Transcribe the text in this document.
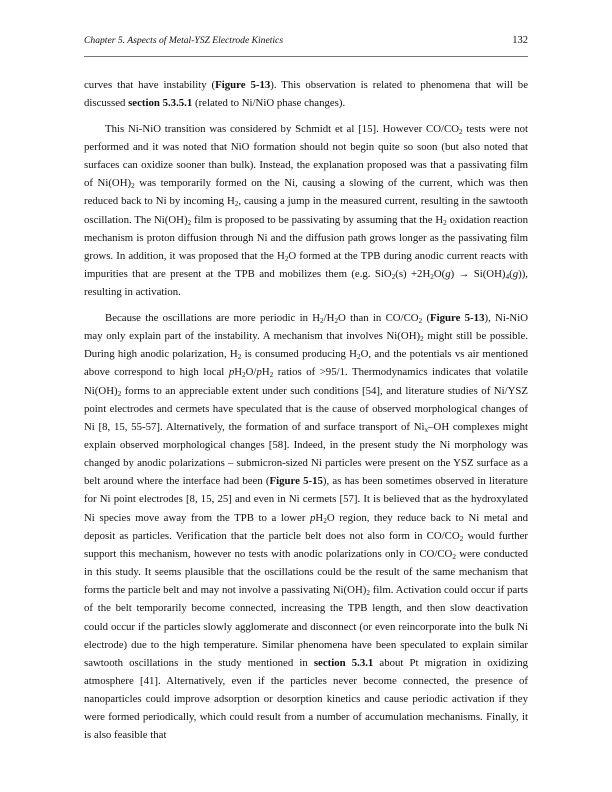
Chapter 5. Aspects of Metal-YSZ Electrode Kinetics	132

curves that have instability (Figure 5-13). This observation is related to phenomena that will be discussed section 5.3.5.1 (related to Ni/NiO phase changes).

This Ni-NiO transition was considered by Schmidt et al [15]. However $CO/CO_2$ tests were not performed and it was noted that NiO formation should not begin quite so soon (but also noted that surfaces can oxidize sooner than bulk). Instead, the explanation proposed was that a passivating film of $Ni(OH)_2$ was temporarily formed on the Ni, causing a slowing of the current, which was then reduced back to Ni by incoming $H_2$, causing a jump in the measured current, resulting in the sawtooth oscillation. The $Ni(OH)_2$ film is proposed to be passivating by assuming that the $H_2$ oxidation reaction mechanism is proton diffusion through Ni and the diffusion path grows longer as the passivating film grows. In addition, it was proposed that the $H_2O$ formed at the TPB during anodic current reacts with impurities that are present at the TPB and mobilizes them (e.g. $SiO_2(s) +2H_2O(g) \to Si(OH)_4(g)$), resulting in activation.

Because the oscillations are more periodic in $H_2/H_2O$ than in $CO/CO_2$ (Figure 5-13), Ni-NiO may only explain part of the instability. A mechanism that involves $Ni(OH)_2$ might still be possible. During high anodic polarization, $H_2$ is consumed producing $H_2O$, and the potentials vs air mentioned above correspond to high local $pH_2O/pH_2$ ratios of >95/1. Thermodynamics indicates that volatile $Ni(OH)_2$ forms to an appreciable extent under such conditions [54], and literature studies of Ni/YSZ point electrodes and cermets have speculated that is the cause of observed morphological changes of Ni [8, 15, 55-57]. Alternatively, the formation of and surface transport of $Ni_x-OH$ complexes might explain observed morphological changes [58]. Indeed, in the present study the Ni morphology was changed by anodic polarizations – submicron-sized Ni particles were present on the YSZ surface as a belt around where the interface had been (Figure 5-15), as has been sometimes observed in literature for Ni point electrodes [8, 15, 25] and even in Ni cermets [57]. It is believed that as the hydroxylated Ni species move away from the TPB to a lower $pH_2O$ region, they reduce back to Ni metal and deposit as particles. Verification that the particle belt does not also form in $CO/CO_2$ would further support this mechanism, however no tests with anodic polarizations only in $CO/CO_2$ were conducted in this study. It seems plausible that the oscillations could be the result of the same mechanism that forms the particle belt and may not involve a passivating $Ni(OH)_2$ film. Activation could occur if parts of the belt temporarily become connected, increasing the TPB length, and then slow deactivation could occur if the particles slowly agglomerate and disconnect (or even reincorporate into the bulk Ni electrode) due to the high temperature. Similar phenomena have been speculated to explain similar sawtooth oscillations in the study mentioned in section 5.3.1 about Pt migration in oxidizing atmosphere [41]. Alternatively, even if the particles never become connected, the presence of nanoparticles could improve adsorption or desorption kinetics and cause periodic activation if they were formed periodically, which could result from a number of accumulation mechanisms. Finally, it is also feasible that
